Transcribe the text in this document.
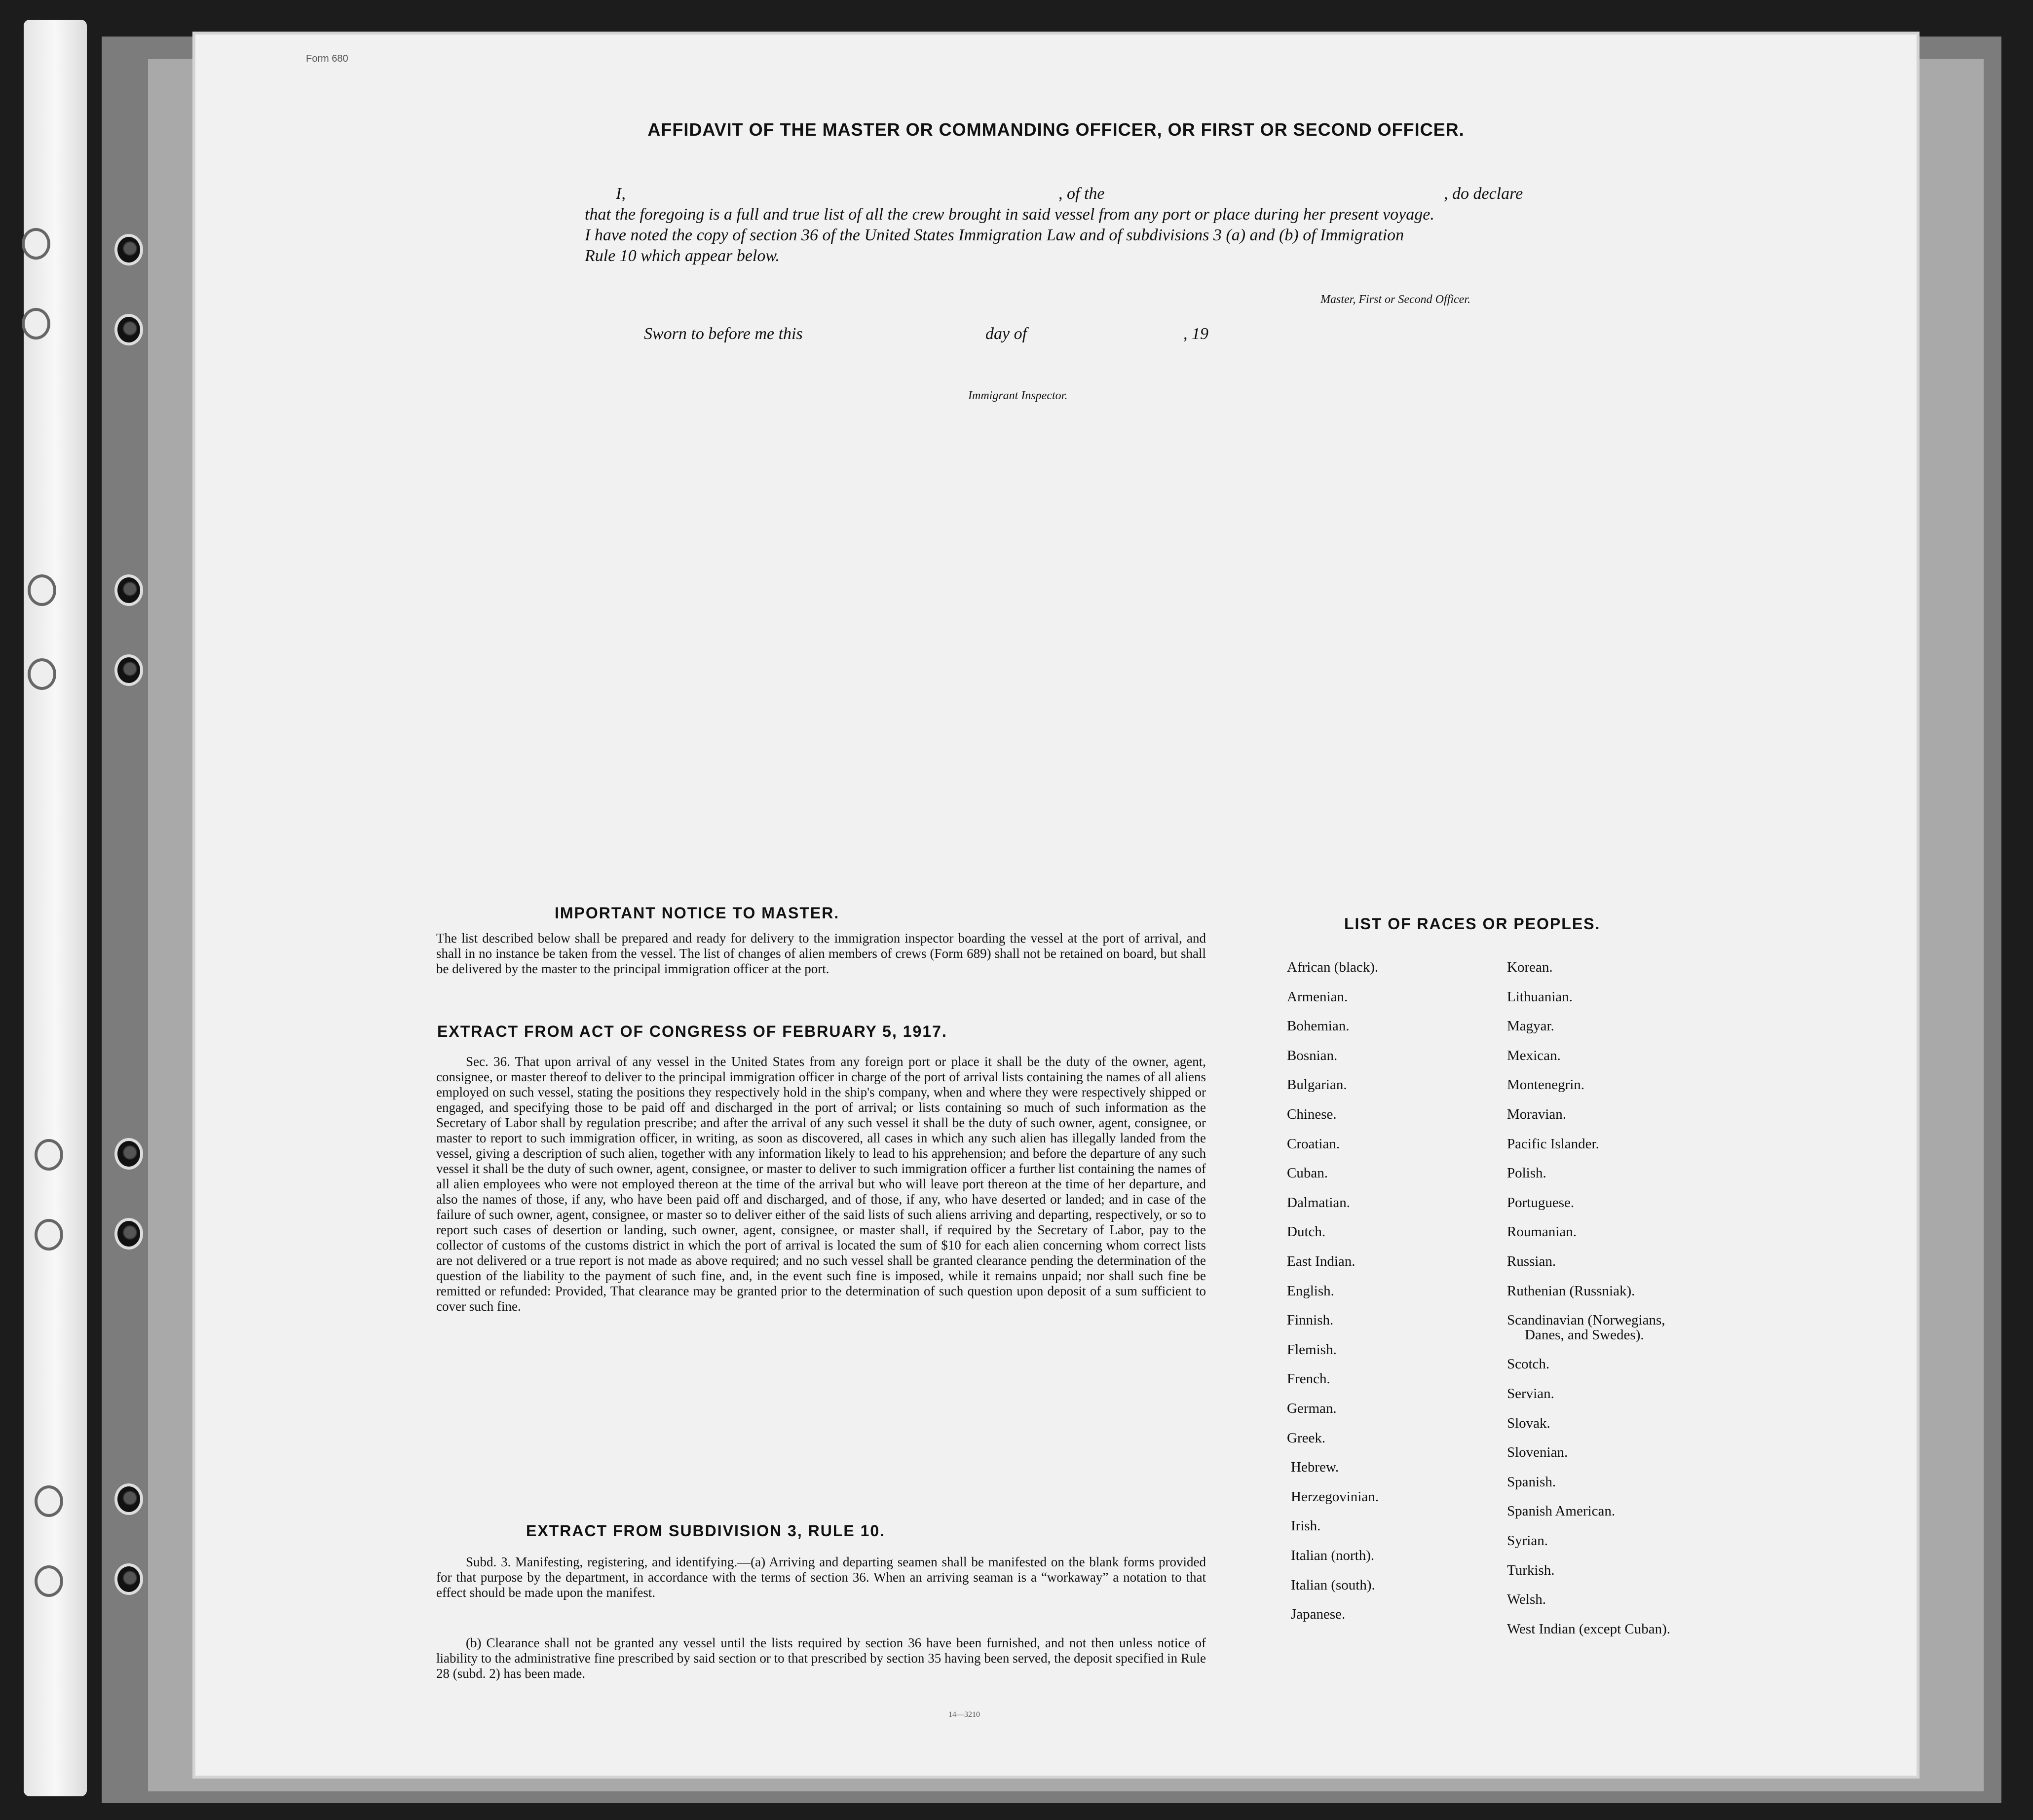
Form 680
AFFIDAVIT OF THE MASTER OR COMMANDING OFFICER, OR FIRST OR SECOND OFFICER.
I,	, of the	, do declare
that the foregoing is a full and true list of all the crew brought in said vessel from any port or place during her present voyage.
I have noted the copy of section 36 of the United States Immigration Law and of subdivisions 3 (a) and (b) of Immigration
Rule 10 which appear below.
Master, First or Second Officer.
Sworn to before me this	day of	, 19
Immigrant Inspector.
IMPORTANT NOTICE TO MASTER.
The list described below shall be prepared and ready for delivery to the immigration inspector boarding the vessel at the port of arrival, and shall in no instance be taken from the vessel. The list of changes of alien members of crews (Form 689) shall not be retained on board, but shall be delivered by the master to the principal immigration officer at the port.
EXTRACT FROM ACT OF CONGRESS OF FEBRUARY 5, 1917.
Sec. 36. That upon arrival of any vessel in the United States from any foreign port or place it shall be the duty of the owner, agent, consignee, or master thereof to deliver to the principal immigration officer in charge of the port of arrival lists containing the names of all aliens employed on such vessel, stating the positions they respectively hold in the ship's company, when and where they were respectively shipped or engaged, and specifying those to be paid off and discharged in the port of arrival; or lists containing so much of such information as the Secretary of Labor shall by regulation prescribe; and after the arrival of any such vessel it shall be the duty of such owner, agent, consignee, or master to report to such immigration officer, in writing, as soon as discovered, all cases in which any such alien has illegally landed from the vessel, giving a description of such alien, together with any information likely to lead to his apprehension; and before the departure of any such vessel it shall be the duty of such owner, agent, consignee, or master to deliver to such immigration officer a further list containing the names of all alien employees who were not employed thereon at the time of the arrival but who will leave port thereon at the time of her departure, and also the names of those, if any, who have been paid off and discharged, and of those, if any, who have deserted or landed; and in case of the failure of such owner, agent, consignee, or master so to deliver either of the said lists of such aliens arriving and departing, respectively, or so to report such cases of desertion or landing, such owner, agent, consignee, or master shall, if required by the Secretary of Labor, pay to the collector of customs of the customs district in which the port of arrival is located the sum of $10 for each alien concerning whom correct lists are not delivered or a true report is not made as above required; and no such vessel shall be granted clearance pending the determination of the question of the liability to the payment of such fine, and, in the event such fine is imposed, while it remains unpaid; nor shall such fine be remitted or refunded: Provided, That clearance may be granted prior to the determination of such question upon deposit of a sum sufficient to cover such fine.
EXTRACT FROM SUBDIVISION 3, RULE 10.
Subd. 3. Manifesting, registering, and identifying.—(a) Arriving and departing seamen shall be manifested on the blank forms provided for that purpose by the department, in accordance with the terms of section 36. When an arriving seaman is a “workaway” a notation to that effect should be made upon the manifest.
(b) Clearance shall not be granted any vessel until the lists required by section 36 have been furnished, and not then unless notice of liability to the administrative fine prescribed by said section or to that prescribed by section 35 having been served, the deposit specified in Rule 28 (subd. 2) has been made.
14—3210
LIST OF RACES OR PEOPLES.
African (black).
Armenian.
Bohemian.
Bosnian.
Bulgarian.
Chinese.
Croatian.
Cuban.
Dalmatian.
Dutch.
East Indian.
English.
Finnish.
Flemish.
French.
German.
Greek.
Hebrew.
Herzegovinian.
Irish.
Italian (north).
Italian (south).
Japanese.
Korean.
Lithuanian.
Magyar.
Mexican.
Montenegrin.
Moravian.
Pacific Islander.
Polish.
Portuguese.
Roumanian.
Russian.
Ruthenian (Russniak).
Scandinavian (Norwegians,
Danes, and Swedes).
Scotch.
Servian.
Slovak.
Slovenian.
Spanish.
Spanish American.
Syrian.
Turkish.
Welsh.
West Indian (except Cuban).
